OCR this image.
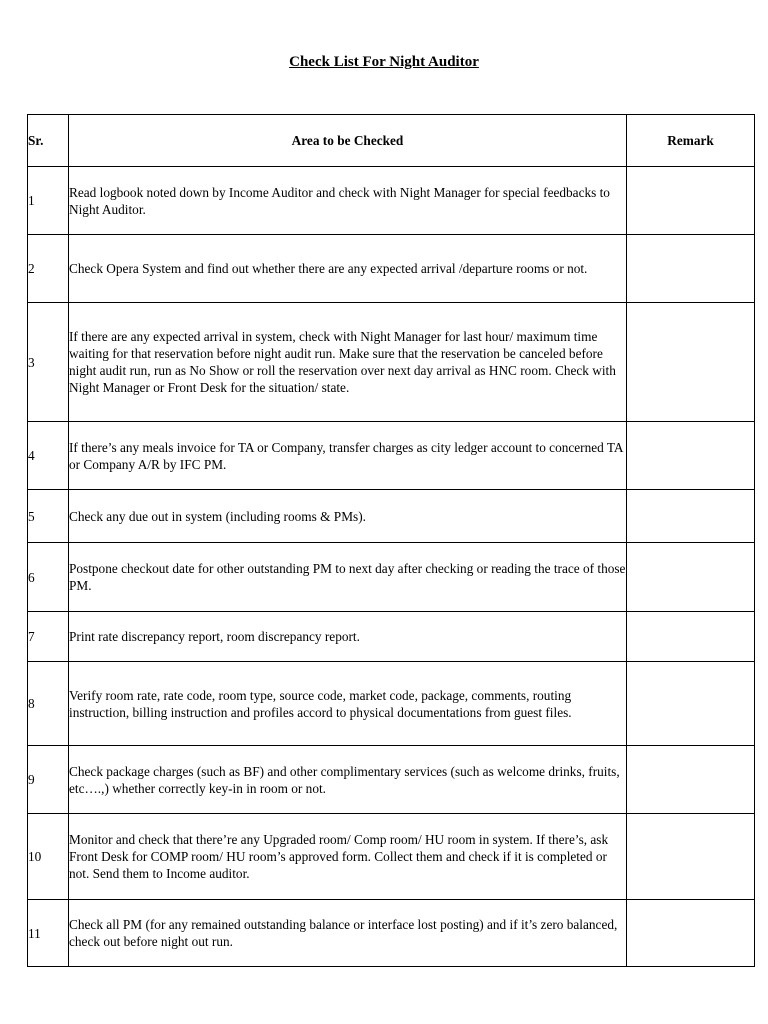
Check List For Night Auditor
Sr.	Area to be Checked	Remark
1	Read logbook noted down by Income Auditor and check with Night Manager for special feedbacks to Night Auditor.	
2	Check Opera System and find out whether there are any expected arrival /departure rooms or not.	
3	If there are any expected arrival in system, check with Night Manager for last hour/ maximum time waiting for that reservation before night audit run. Make sure that the reservation be canceled before night audit run, run as No Show or roll the reservation over next day arrival as HNC room. Check with Night Manager or Front Desk for the situation/ state.	
4	If there’s any meals invoice for TA or Company, transfer charges as city ledger account to concerned TA or Company A/R by IFC PM.	
5	Check any due out in system (including rooms & PMs).	
6	Postpone checkout date for other outstanding PM to next day after checking or reading the trace of those PM.	
7	Print rate discrepancy report, room discrepancy report.	
8	Verify room rate, rate code, room type, source code, market code, package, comments, routing instruction, billing instruction and profiles accord to physical documentations from guest files.	
9	Check package charges (such as BF) and other complimentary services (such as welcome drinks, fruits, etc….,) whether correctly key-in in room or not.	
10	Monitor and check that there’re any Upgraded room/ Comp room/ HU room in system. If there’s, ask Front Desk for COMP room/ HU room’s approved form. Collect them and check if it is completed or not. Send them to Income auditor.	
11	Check all PM (for any remained outstanding balance or interface lost posting) and if it’s zero balanced, check out before night out run.	
